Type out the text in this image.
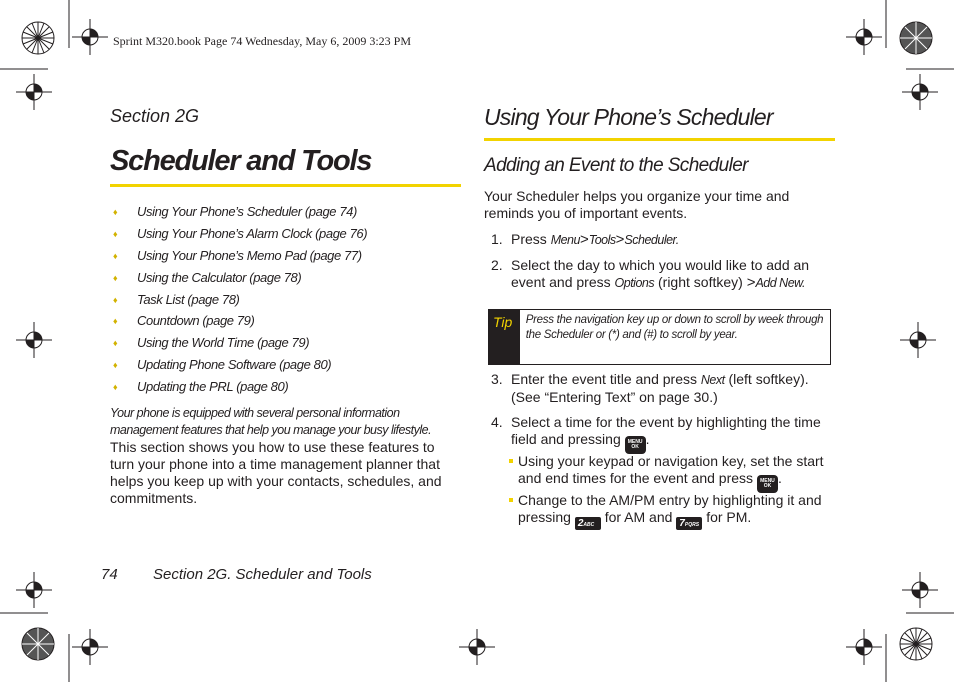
Sprint M320.book Page 74 Wednesday, May 6, 2009 3:23 PM
Section 2G
Scheduler and Tools
♦ Using Your Phone’s Scheduler (page 74)
♦ Using Your Phone’s Alarm Clock (page 76)
♦ Using Your Phone’s Memo Pad (page 77)
♦ Using the Calculator (page 78)
♦ Task List (page 78)
♦ Countdown (page 79)
♦ Using the World Time (page 79)
♦ Updating Phone Software (page 80)
♦ Updating the PRL (page 80)
Your phone is equipped with several personal information
management features that help you manage your busy lifestyle.
This section shows you how to use these features to turn your phone into a time management planner that helps you keep up with your contacts, schedules, and commitments.
74 Section 2G. Scheduler and Tools
Using Your Phone’s Scheduler
Adding an Event to the Scheduler
Your Scheduler helps you organize your time and reminds you of important events.
1. Press Menu>Tools>Scheduler.
2. Select the day to which you would like to add an
event and press Options (right softkey) >Add New.
Tip	Press the navigation key up or down to scroll by week through the Scheduler or (*) and (#) to scroll by year.
3. Enter the event title and press Next (left softkey).
(See “Entering Text” on page 30.)
4. Select a time for the event by highlighting the time
field and pressing MENU
OK .
Using your keypad or navigation key, set the start
and end times for the event and press MENU
OK .
Change to the AM/PM entry by highlighting it and
pressing 2ABC for AM and 7PQRS for PM.
